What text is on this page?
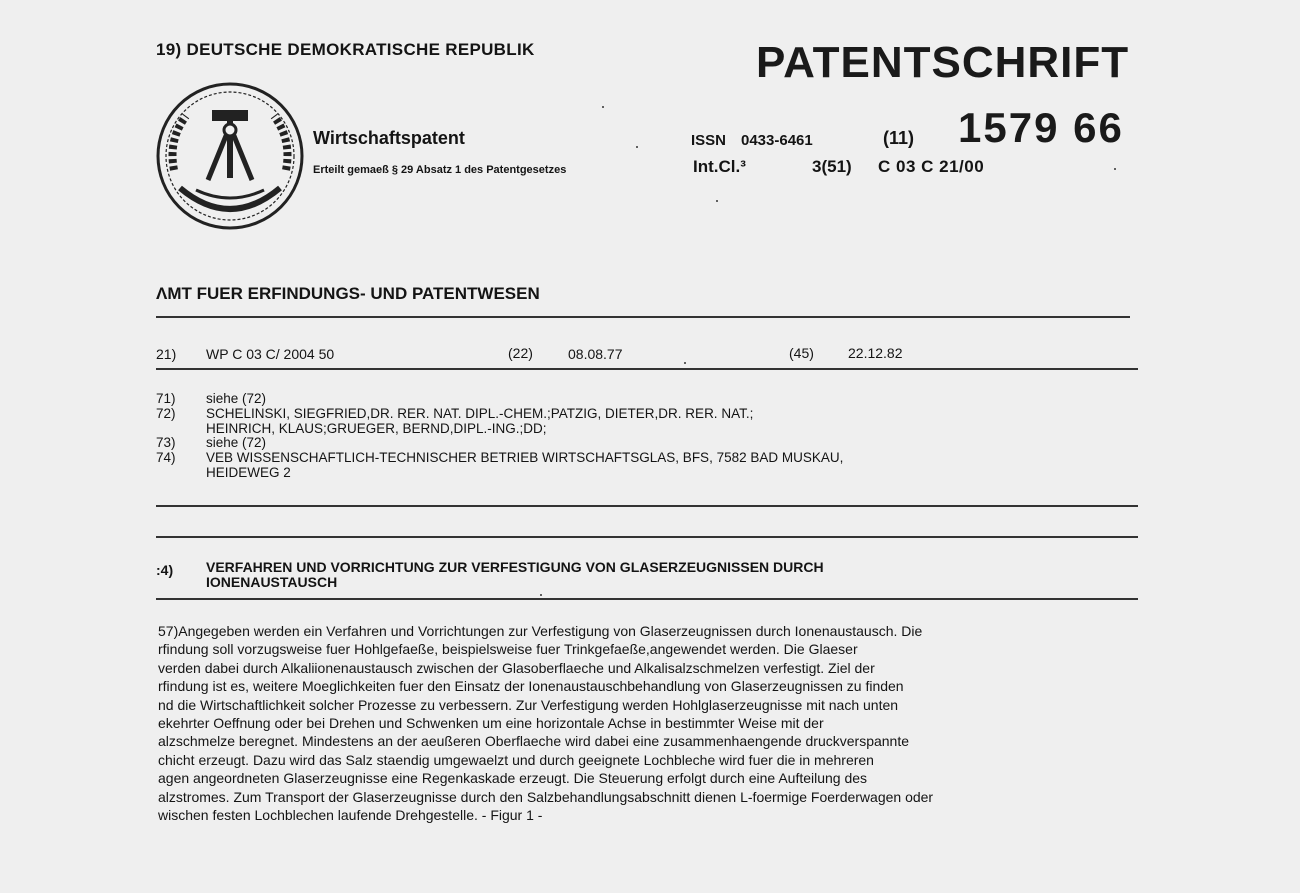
19) DEUTSCHE DEMOKRATISCHE REPUBLIK	PATENTSCHRIFT
Wirtschaftspatent
Erteilt gemaeß § 29 Absatz 1 des Patentgesetzes
ISSN 0433-6461	(11) 1579 66
Int.Cl.³	3(51) C 03 C 21/00
ɅMT FUER ERFINDUNGS- UND PATENTWESEN
21) WP C 03 C/ 2004 50	(22)	08.08.77	(45) 22.12.82
71) siehe (72)
72) SCHELINSKI, SIEGFRIED,DR. RER. NAT. DIPL.-CHEM.;PATZIG, DIETER,DR. RER. NAT.;
HEINRICH, KLAUS;GRUEGER, BERND,DIPL.-ING.;DD;
73) siehe (72)
74) VEB WISSENSCHAFTLICH-TECHNISCHER BETRIEB WIRTSCHAFTSGLAS, BFS, 7582 BAD MUSKAU,
HEIDEWEG 2
:4) VERFAHREN UND VORRICHTUNG ZUR VERFESTIGUNG VON GLASERZEUGNISSEN DURCH
IONENAUSTAUSCH
57)Angegeben werden ein Verfahren und Vorrichtungen zur Verfestigung von Glaserzeugnissen durch Ionenaustausch. Die
rfindung soll vorzugsweise fuer Hohlgefaeße, beispielsweise fuer Trinkgefaeße,angewendet werden. Die Glaeser
verden dabei durch Alkaliionenaustausch zwischen der Glasoberflaeche und Alkalisalzschmelzen verfestigt. Ziel der
rfindung ist es, weitere Moeglichkeiten fuer den Einsatz der Ionenaustauschbehandlung von Glaserzeugnissen zu finden
nd die Wirtschaftlichkeit solcher Prozesse zu verbessern. Zur Verfestigung werden Hohlglaserzeugnisse mit nach unten
ekehrter Oeffnung oder bei Drehen und Schwenken um eine horizontale Achse in bestimmter Weise mit der
alzschmelze beregnet. Mindestens an der aeußeren Oberflaeche wird dabei eine zusammenhaengende druckverspannte
chicht erzeugt. Dazu wird das Salz staendig umgewaelzt und durch geeignete Lochbleche wird fuer die in mehreren
agen angeordneten Glaserzeugnisse eine Regenkaskade erzeugt. Die Steuerung erfolgt durch eine Aufteilung des
alzstromes. Zum Transport der Glaserzeugnisse durch den Salzbehandlungsabschnitt dienen L-foermige Foerderwagen oder
wischen festen Lochblechen laufende Drehgestelle. - Figur 1 -
